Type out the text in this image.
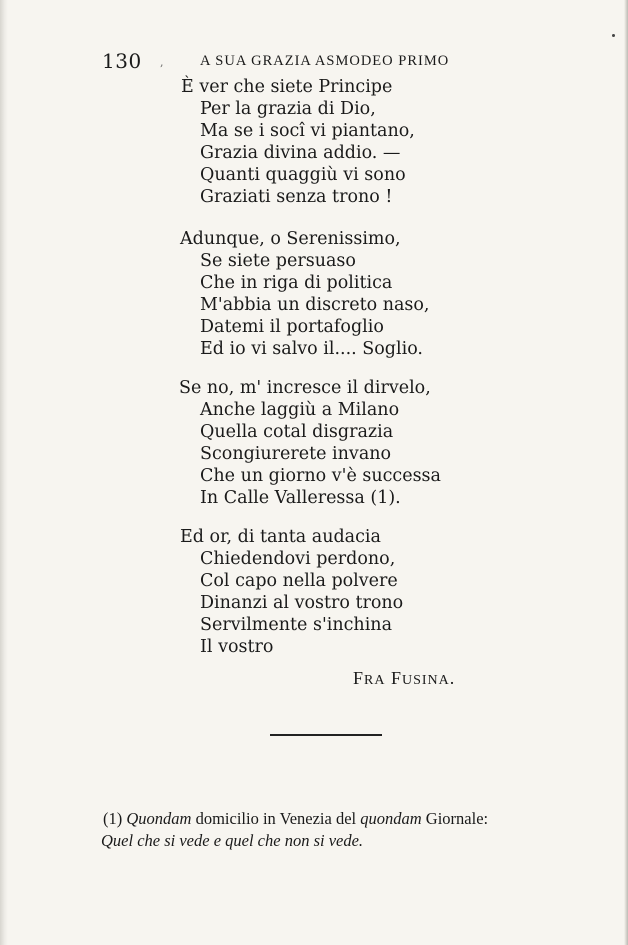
130 ,	A SUA GRAZIA ASMODEO PRIMO
È ver che siete Principe
Per la grazia di Dio,
Ma se i socî vi piantano,
Grazia divina addio. —
Quanti quaggiù vi sono
Graziati senza trono !
Adunque, o Serenissimo,
Se siete persuaso
Che in riga di politica
M'abbia un discreto naso,
Datemi il portafoglio
Ed io vi salvo il.... Soglio.
Se no, m' incresce il dirvelo,
Anche laggiù a Milano
Quella cotal disgrazia
Scongiurerete invano
Che un giorno v'è successa
In Calle Valleressa (1).
Ed or, di tanta audacia
Chiedendovi perdono,
Col capo nella polvere
Dinanzi al vostro trono
Servilmente s'inchina
Il vostro
FRA FUSINA.
(1) Quondam domicilio in Venezia del quondam Giornale:
Quel che si vede e quel che non si vede.
